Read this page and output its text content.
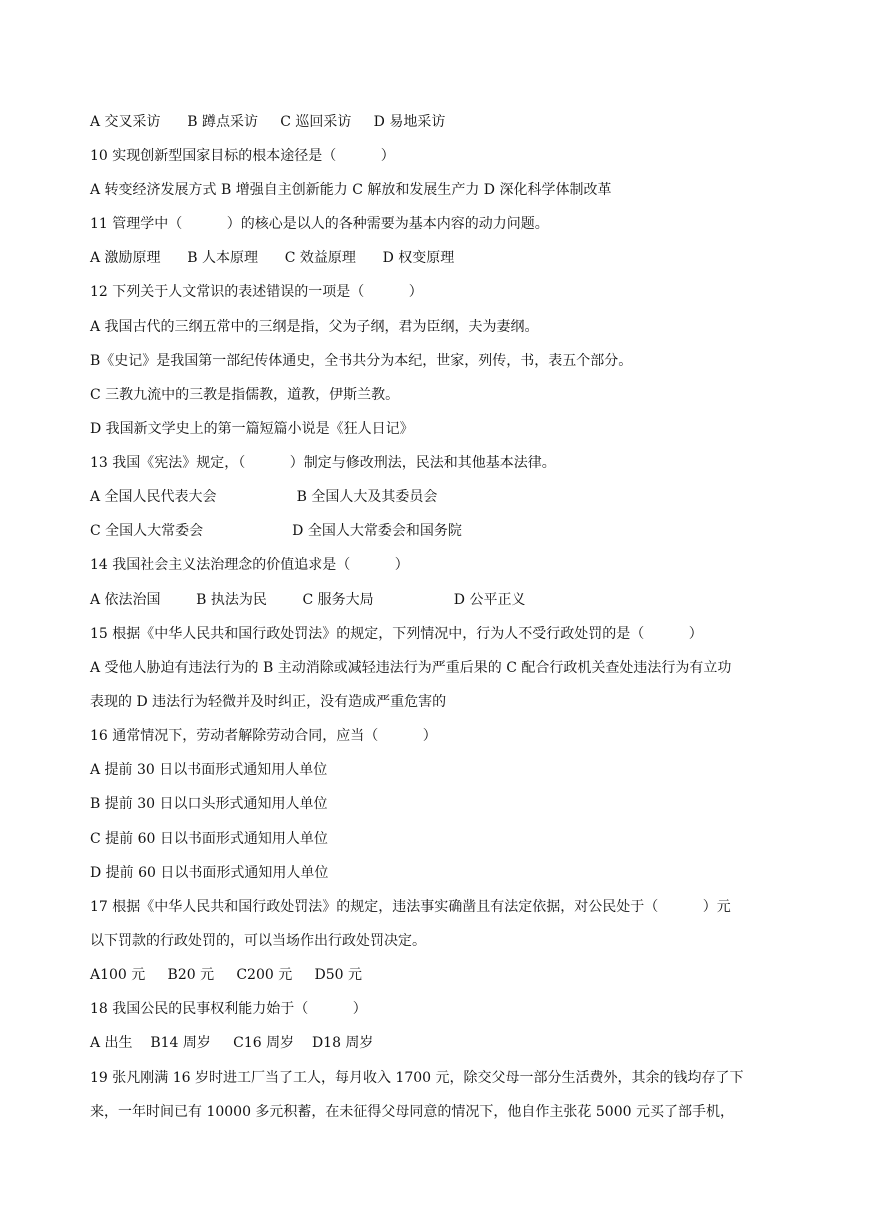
A 交叉采访      B 蹲点采访     C 巡回采访     D 易地采访
10 实现创新型国家目标的根本途径是（          ）
A 转变经济发展方式 B 增强自主创新能力 C 解放和发展生产力 D 深化科学体制改革
11 管理学中（          ）的核心是以人的各种需要为基本内容的动力问题。
A 激励原理      B 人本原理      C 效益原理      D 权变原理
12 下列关于人文常识的表述错误的一项是（          ）
A 我国古代的三纲五常中的三纲是指，父为子纲，君为臣纲，夫为妻纲。
B《史记》是我国第一部纪传体通史，全书共分为本纪，世家，列传，书，表五个部分。
C 三教九流中的三教是指儒教，道教，伊斯兰教。
D 我国新文学史上的第一篇短篇小说是《狂人日记》
13 我国《宪法》规定，（          ）制定与修改刑法，民法和其他基本法律。
A 全国人民代表大会                  B 全国人大及其委员会
C 全国人大常委会                    D 全国人大常委会和国务院
14 我国社会主义法治理念的价值追求是（          ）
A 依法治国        B 执法为民        C 服务大局                  D 公平正义
15 根据《中华人民共和国行政处罚法》的规定，下列情况中，行为人不受行政处罚的是（          ）
A 受他人胁迫有违法行为的 B 主动消除或减轻违法行为严重后果的 C 配合行政机关查处违法行为有立功
表现的 D 违法行为轻微并及时纠正，没有造成严重危害的
16 通常情况下，劳动者解除劳动合同，应当（          ）
A 提前 30 日以书面形式通知用人单位
B 提前 30 日以口头形式通知用人单位
C 提前 60 日以书面形式通知用人单位
D 提前 60 日以书面形式通知用人单位
17 根据《中华人民共和国行政处罚法》的规定，违法事实确凿且有法定依据，对公民处于（          ）元
以下罚款的行政处罚的，可以当场作出行政处罚决定。
A100 元     B20 元     C200 元     D50 元
18 我国公民的民事权利能力始于（          ）
A 出生    B14 周岁     C16 周岁    D18 周岁
19 张凡刚满 16 岁时进工厂当了工人，每月收入 1700 元，除交父母一部分生活费外，其余的钱均存了下
来，一年时间已有 10000 多元积蓄，在未征得父母同意的情况下，他自作主张花 5000 元买了部手机，
